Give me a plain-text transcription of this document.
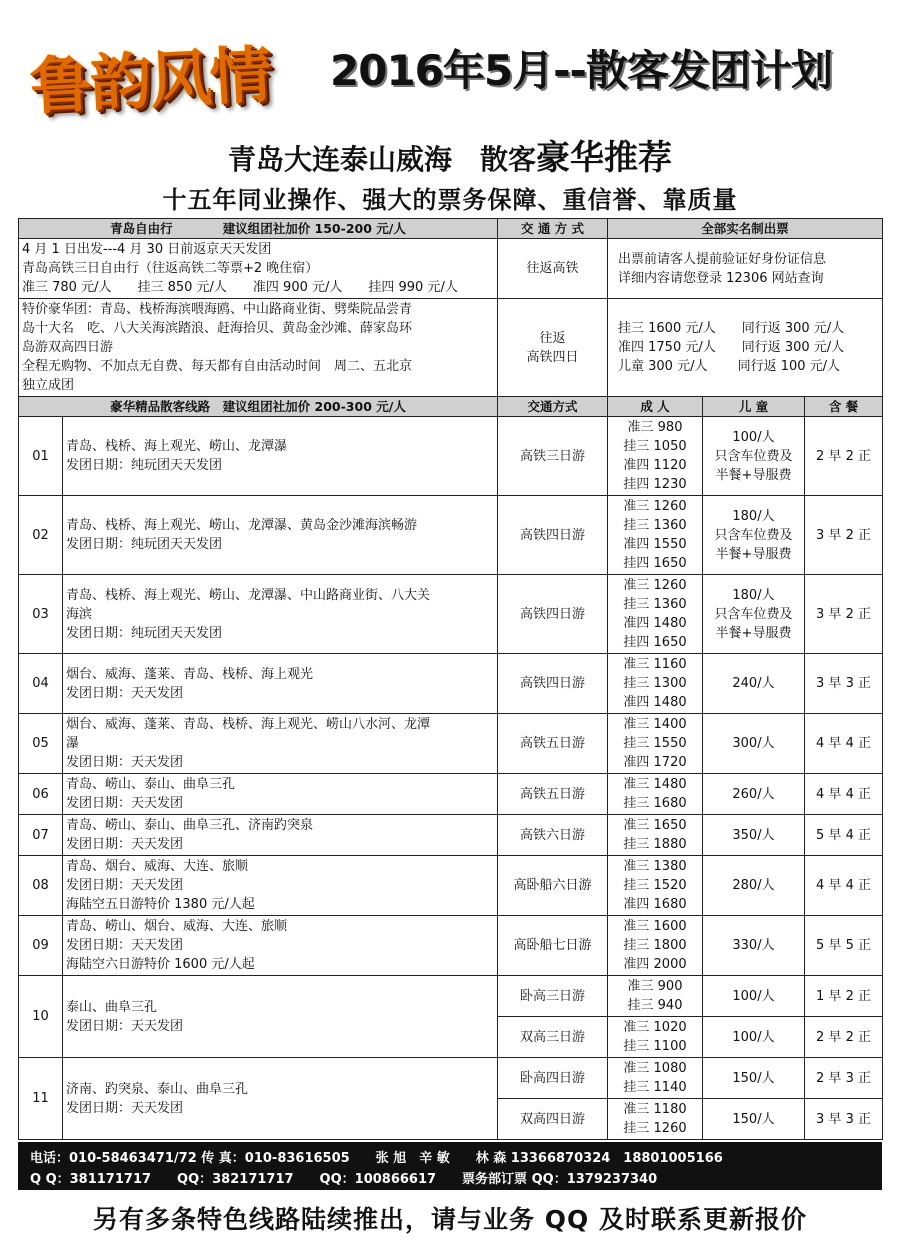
鲁韵风情	2016年5月--散客发团计划
青岛大连泰山威海　散客豪华推荐
十五年同业操作、强大的票务保障、重信誉、靠质量
青岛自由行　　　　 建议组团社加价 150-200 元/人		交 通 方 式	全部实名制出票		

4 月 1 日出发---4 月 30 日前返京天天发团
青岛高铁三日自由行（往返高铁二等票+2 晚住宿）
准三 780 元/人　　挂三 850 元/人　　准四 900 元/人　　挂四 990 元/人		往返高铁	出票前请客人提前验证好身份证信息
详细内容请您登录 12306 网站查询		

特价豪华团：青岛、栈桥海滨喂海鸥、中山路商业街、劈柴院品尝青
岛十大名　吃、八大关海滨踏浪、赶海拾贝、黄岛金沙滩、薛家岛环
岛游双高四日游
全程无购物、不加点无自费、每天都有自由活动时间　周二、五北京
独立成团		往返
高铁四日	挂三 1600 元/人　　同行返 300 元/人
准四 1750 元/人　　同行返 300 元/人
儿童 300 元/人　　 同行返 100 元/人		

豪华精品散客线路　建议组团社加价 200-300 元/人		交通方式	成 人	儿 童	含 餐
01	青岛、栈桥、海上观光、崂山、龙潭瀑
发团日期：纯玩团天天发团	高铁三日游	准三 980
挂三 1050
准四 1120
挂四 1230	100/人
只含车位费及
半餐+导服费	2 早 2 正
02	青岛、栈桥、海上观光、崂山、龙潭瀑、黄岛金沙滩海滨畅游
发团日期：纯玩团天天发团	高铁四日游	准三 1260
挂三 1360
准四 1550
挂四 1650	180/人
只含车位费及
半餐+导服费	3 早 2 正
03	青岛、栈桥、海上观光、崂山、龙潭瀑、中山路商业街、八大关
海滨
发团日期：纯玩团天天发团	高铁四日游	准三 1260
挂三 1360
准四 1480
挂四 1650	180/人
只含车位费及
半餐+导服费	3 早 2 正
04	烟台、威海、蓬莱、青岛、栈桥、海上观光
发团日期：天天发团	高铁四日游	准三 1160
挂三 1300
准四 1480	240/人	3 早 3 正
05	烟台、威海、蓬莱、青岛、栈桥、海上观光、崂山八水河、龙潭
瀑
发团日期：天天发团	高铁五日游	准三 1400
挂三 1550
准四 1720	300/人	4 早 4 正
06	青岛、崂山、泰山、曲阜三孔
发团日期：天天发团	高铁五日游	准三 1480
挂三 1680	260/人	4 早 4 正
07	青岛、崂山、泰山、曲阜三孔、济南趵突泉
发团日期：天天发团	高铁六日游	准三 1650
挂三 1880	350/人	5 早 4 正
08	青岛、烟台、威海、大连、旅顺
发团日期：天天发团
海陆空五日游特价 1380 元/人起	高卧船六日游	准三 1380
挂三 1520
准四 1680	280/人	4 早 4 正
09	青岛、崂山、烟台、威海、大连、旅顺
发团日期：天天发团
海陆空六日游特价 1600 元/人起	高卧船七日游	准三 1600
挂三 1800
准四 2000	330/人	5 早 5 正
10	泰山、曲阜三孔
发团日期：天天发团	卧高三日游	准三 900
挂三 940	100/人	1 早 2 正
		双高三日游	准三 1020
挂三 1100	100/人	2 早 2 正
11	济南、趵突泉、泰山、曲阜三孔
发团日期：天天发团	卧高四日游	准三 1080
挂三 1140	150/人	2 早 3 正
		双高四日游	准三 1180
挂三 1260	150/人	3 早 3 正
电话：010-58463471/72 传 真：010-83616505　　张 旭　辛 敏　　林 森 13366870324　18801005166
Q Q：381171717　　QQ：382171717　　QQ：100866617　　票务部订票 QQ：1379237340
另有多条特色线路陆续推出，请与业务 QQ 及时联系更新报价
